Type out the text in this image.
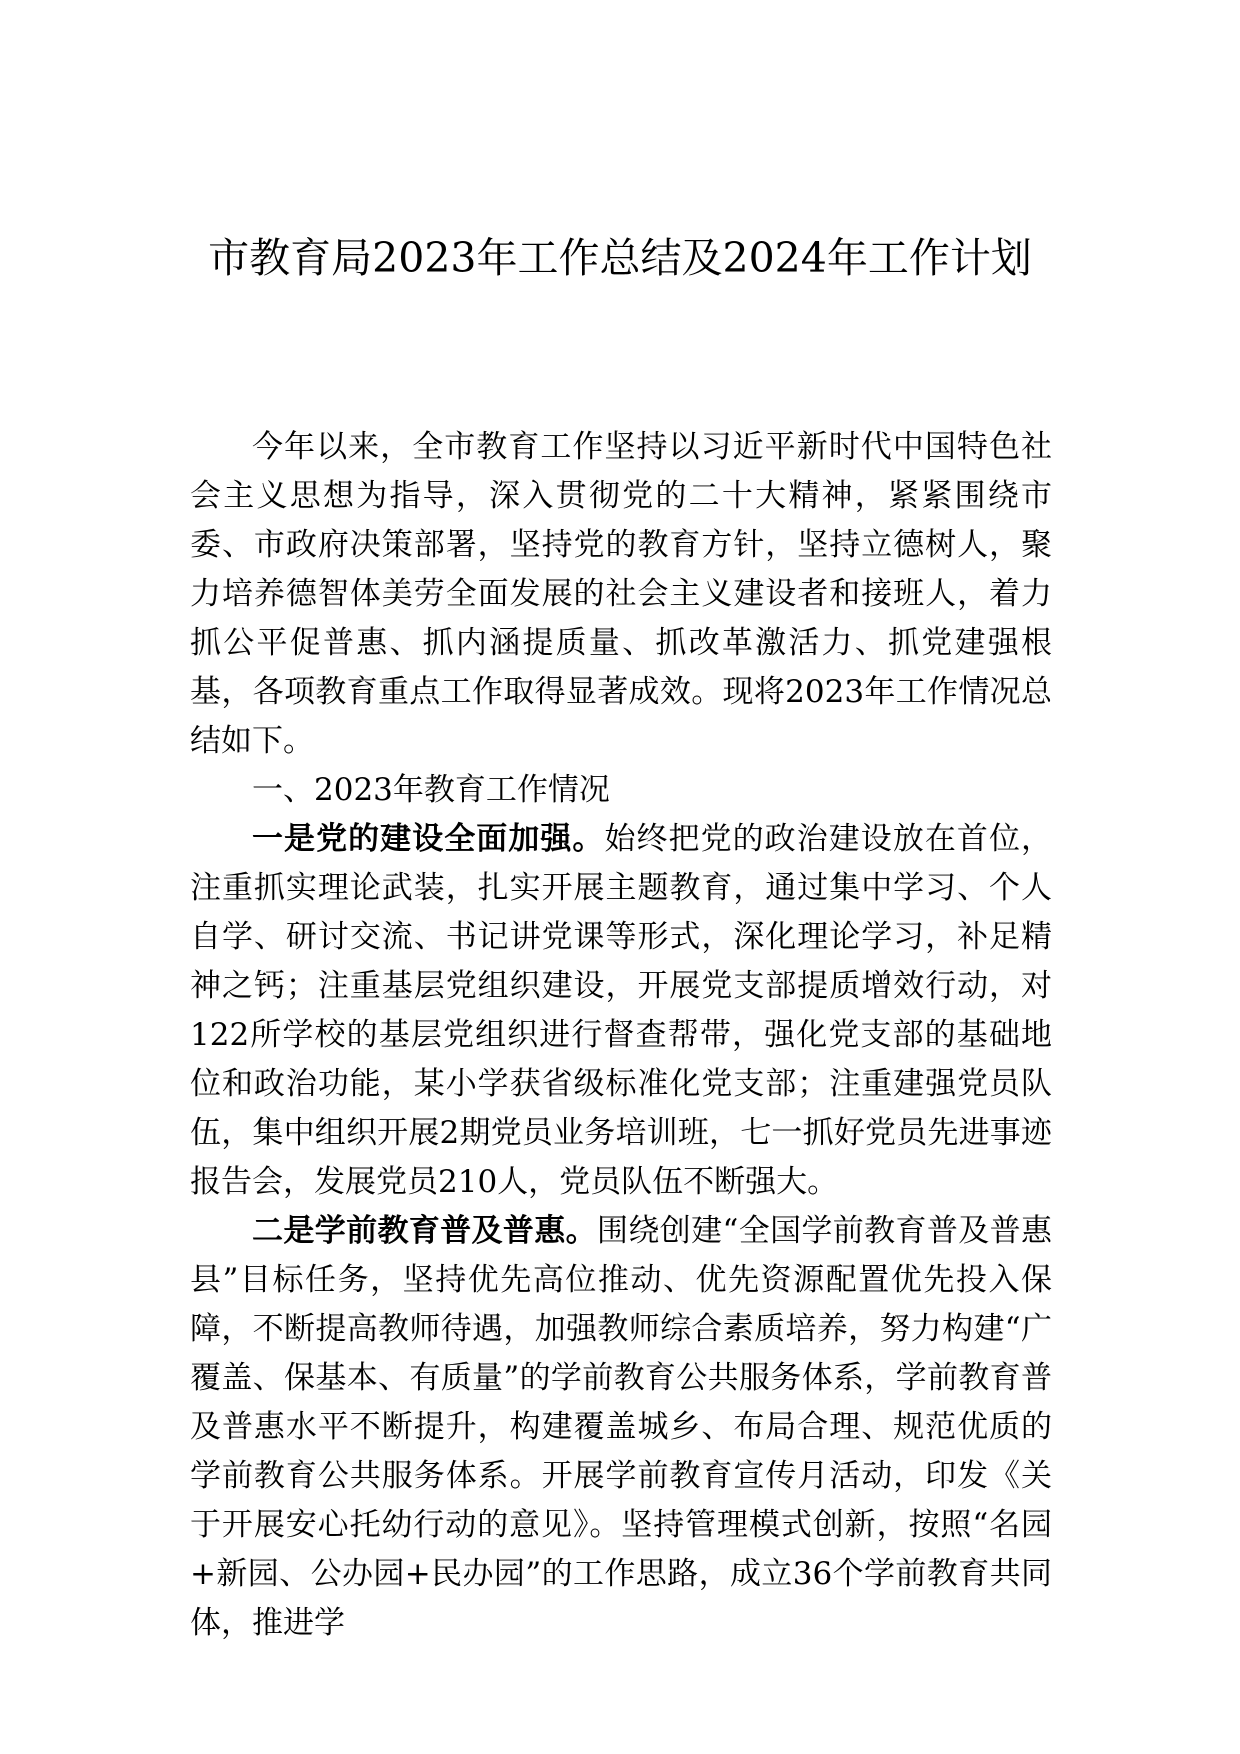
市教育局2023年工作总结及2024年工作计划

今年以来，全市教育工作坚持以习近平新时代中国特色社会主义思想为指导，深入贯彻党的二十大精神，紧紧围绕市委、市政府决策部署，坚持党的教育方针，坚持立德树人，聚力培养德智体美劳全面发展的社会主义建设者和接班人，着力抓公平促普惠、抓内涵提质量、抓改革激活力、抓党建强根基，各项教育重点工作取得显著成效。现将2023年工作情况总结如下。

一、2023年教育工作情况

一是党的建设全面加强。始终把党的政治建设放在首位，注重抓实理论武装，扎实开展主题教育，通过集中学习、个人自学、研讨交流、书记讲党课等形式，深化理论学习，补足精神之钙；注重基层党组织建设，开展党支部提质增效行动，对122所学校的基层党组织进行督查帮带，强化党支部的基础地位和政治功能，某小学获省级标准化党支部；注重建强党员队伍，集中组织开展2期党员业务培训班，七一抓好党员先进事迹报告会，发展党员210人，党员队伍不断强大。

二是学前教育普及普惠。围绕创建“全国学前教育普及普惠县”目标任务，坚持优先高位推动、优先资源配置优先投入保障，不断提高教师待遇，加强教师综合素质培养，努力构建“广覆盖、保基本、有质量”的学前教育公共服务体系，学前教育普及普惠水平不断提升，构建覆盖城乡、布局合理、规范优质的学前教育公共服务体系。开展学前教育宣传月活动，印发《关于开展安心托幼行动的意见》。坚持管理模式创新，按照“名园+新园、公办园+民办园”的工作思路，成立36个学前教育共同体，推进学
